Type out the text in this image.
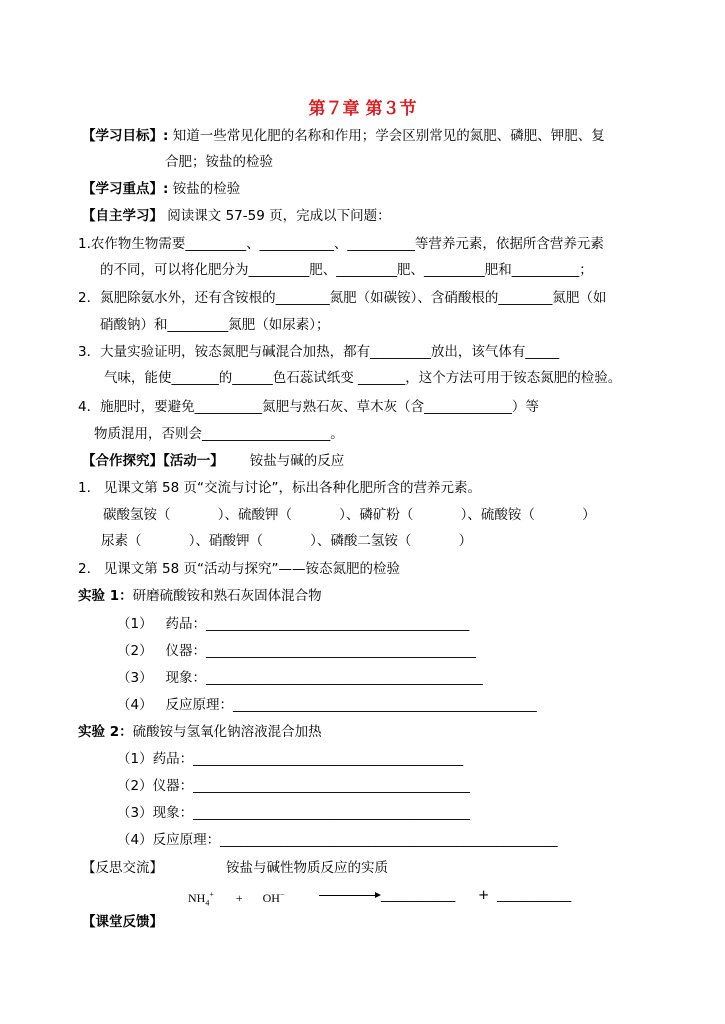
第７章 第３节
【学习目标】: 知道一些常见化肥的名称和作用；学会区别常见的氮肥、磷肥、钾肥、复
合肥；铵盐的检验
【学习重点】: 铵盐的检验
【自主学习】 阅读课文 57-59 页，完成以下问题：
1.农作物生物需要_________、___________、__________等营养元素，依据所含营养元素
的不同，可以将化肥分为_________肥、_________肥、_________肥和__________；
2．氮肥除氨水外，还有含铵根的________氮肥（如碳铵）、含硝酸根的________氮肥（如
硝酸钠）和_________氮肥（如尿素）；
3．大量实验证明，铵态氮肥与碱混合加热，都有_________放出，该气体有_____
气味，能使_______的______色石蕊试纸变 _______，这个方法可用于铵态氮肥的检验。
4．施肥时，要避免__________氮肥与熟石灰、草木灰（含_____________）等
物质混用，否则会___________________。
【合作探究】【活动一】 铵盐与碱的反应
1.   见课文第 58 页“交流与讨论”，标出各种化肥所含的营养元素。
碳酸氢铵（           ）、硫酸钾（           ）、磷矿粉（           ）、硫酸铵（           ）
尿素（           ）、硝酸钾（           ）、磷酸二氢铵（           ）
2.   见课文第 58 页“活动与探究”——铵态氮肥的检验
实验 1：研磨硫酸铵和熟石灰固体混合物
（1）   药品：_______________________________________
（2）   仪器：________________________________________
（3）   现象：_________________________________________
（4）   反应原理：_____________________________________________
实验 2：硫酸铵与氢氧化钠溶液混合加热
（1）药品：________________________________________
（2）仪器：_________________________________________
（3）现象：_________________________________________
（4）反应原理：__________________________________________________
【反思交流】	铵盐与碱性物质反应的实质
$NH_4^+ + OH^-$	___________ + ___________
【课堂反馈】
